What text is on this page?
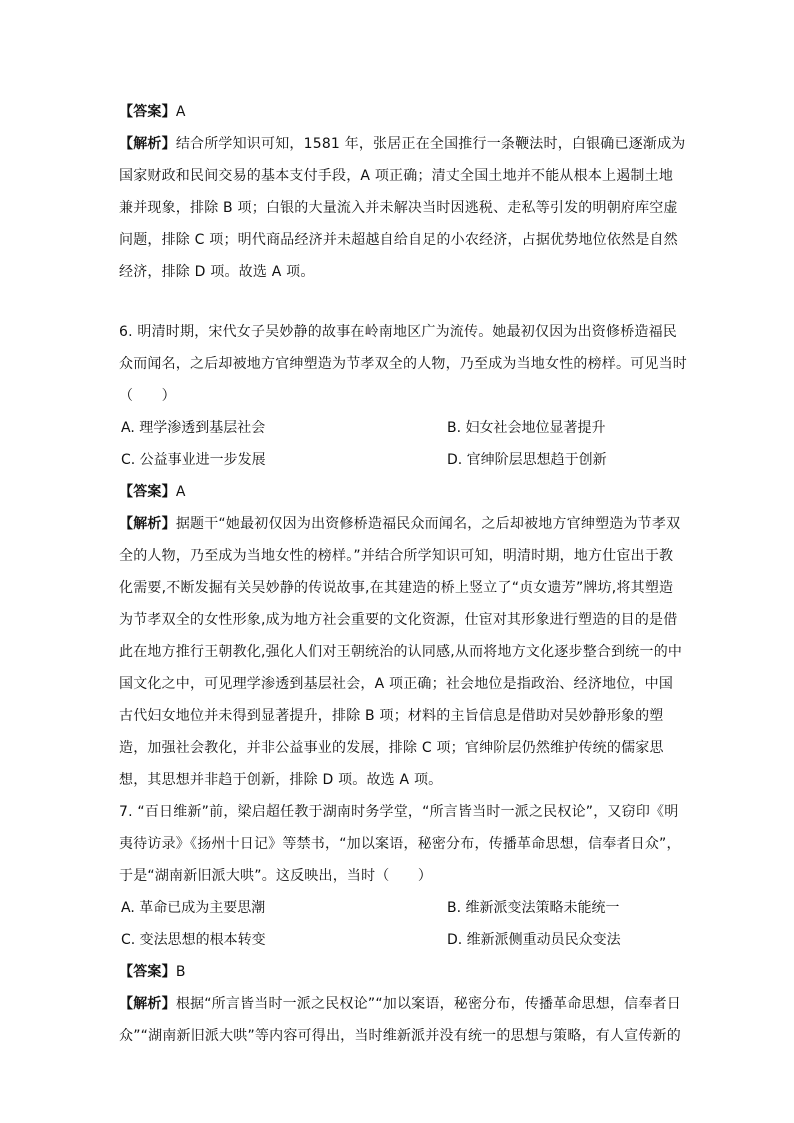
【答案】A
【解析】结合所学知识可知，1581 年，张居正在全国推行一条鞭法时，白银确已逐渐成为
国家财政和民间交易的基本支付手段，A 项正确；清丈全国土地并不能从根本上遏制土地
兼并现象，排除 B 项；白银的大量流入并未解决当时因逃税、走私等引发的明朝府库空虚
问题，排除 C 项；明代商品经济并未超越自给自足的小农经济，占据优势地位依然是自然
经济，排除 D 项。故选 A 项。
6. 明清时期，宋代女子吴妙静的故事在岭南地区广为流传。她最初仅因为出资修桥造福民
众而闻名，之后却被地方官绅塑造为节孝双全的人物，乃至成为当地女性的榜样。可见当时
（　　）
A. 理学渗透到基层社会	B. 妇女社会地位显著提升
C. 公益事业进一步发展	D. 官绅阶层思想趋于创新
【答案】A
【解析】据题干“她最初仅因为出资修桥造福民众而闻名，之后却被地方官绅塑造为节孝双
全的人物，乃至成为当地女性的榜样。”并结合所学知识可知，明清时期，地方仕宦出于教
化需要,不断发掘有关吴妙静的传说故事,在其建造的桥上竖立了“贞女遗芳”牌坊,将其塑造
为节孝双全的女性形象,成为地方社会重要的文化资源，仕宦对其形象进行塑造的目的是借
此在地方推行王朝教化,强化人们对王朝统治的认同感,从而将地方文化逐步整合到统一的中
国文化之中，可见理学渗透到基层社会，A 项正确；社会地位是指政治、经济地位，中国
古代妇女地位并未得到显著提升，排除 B 项；材料的主旨信息是借助对吴妙静形象的塑
造，加强社会教化，并非公益事业的发展，排除 C 项；官绅阶层仍然维护传统的儒家思
想，其思想并非趋于创新，排除 D 项。故选 A 项。
7. “百日维新”前，梁启超任教于湖南时务学堂，“所言皆当时一派之民权论”，又窃印《明
夷待访录》《扬州十日记》等禁书，“加以案语，秘密分布，传播革命思想，信奉者日众”，
于是“湖南新旧派大哄”。这反映出，当时（　　）
A. 革命已成为主要思潮	B. 维新派变法策略未能统一
C. 变法思想的根本转变	D. 维新派侧重动员民众变法
【答案】B
【解析】根据“所言皆当时一派之民权论”“加以案语，秘密分布，传播革命思想，信奉者日
众”“湖南新旧派大哄”等内容可得出，当时维新派并没有统一的思想与策略，有人宣传新的
